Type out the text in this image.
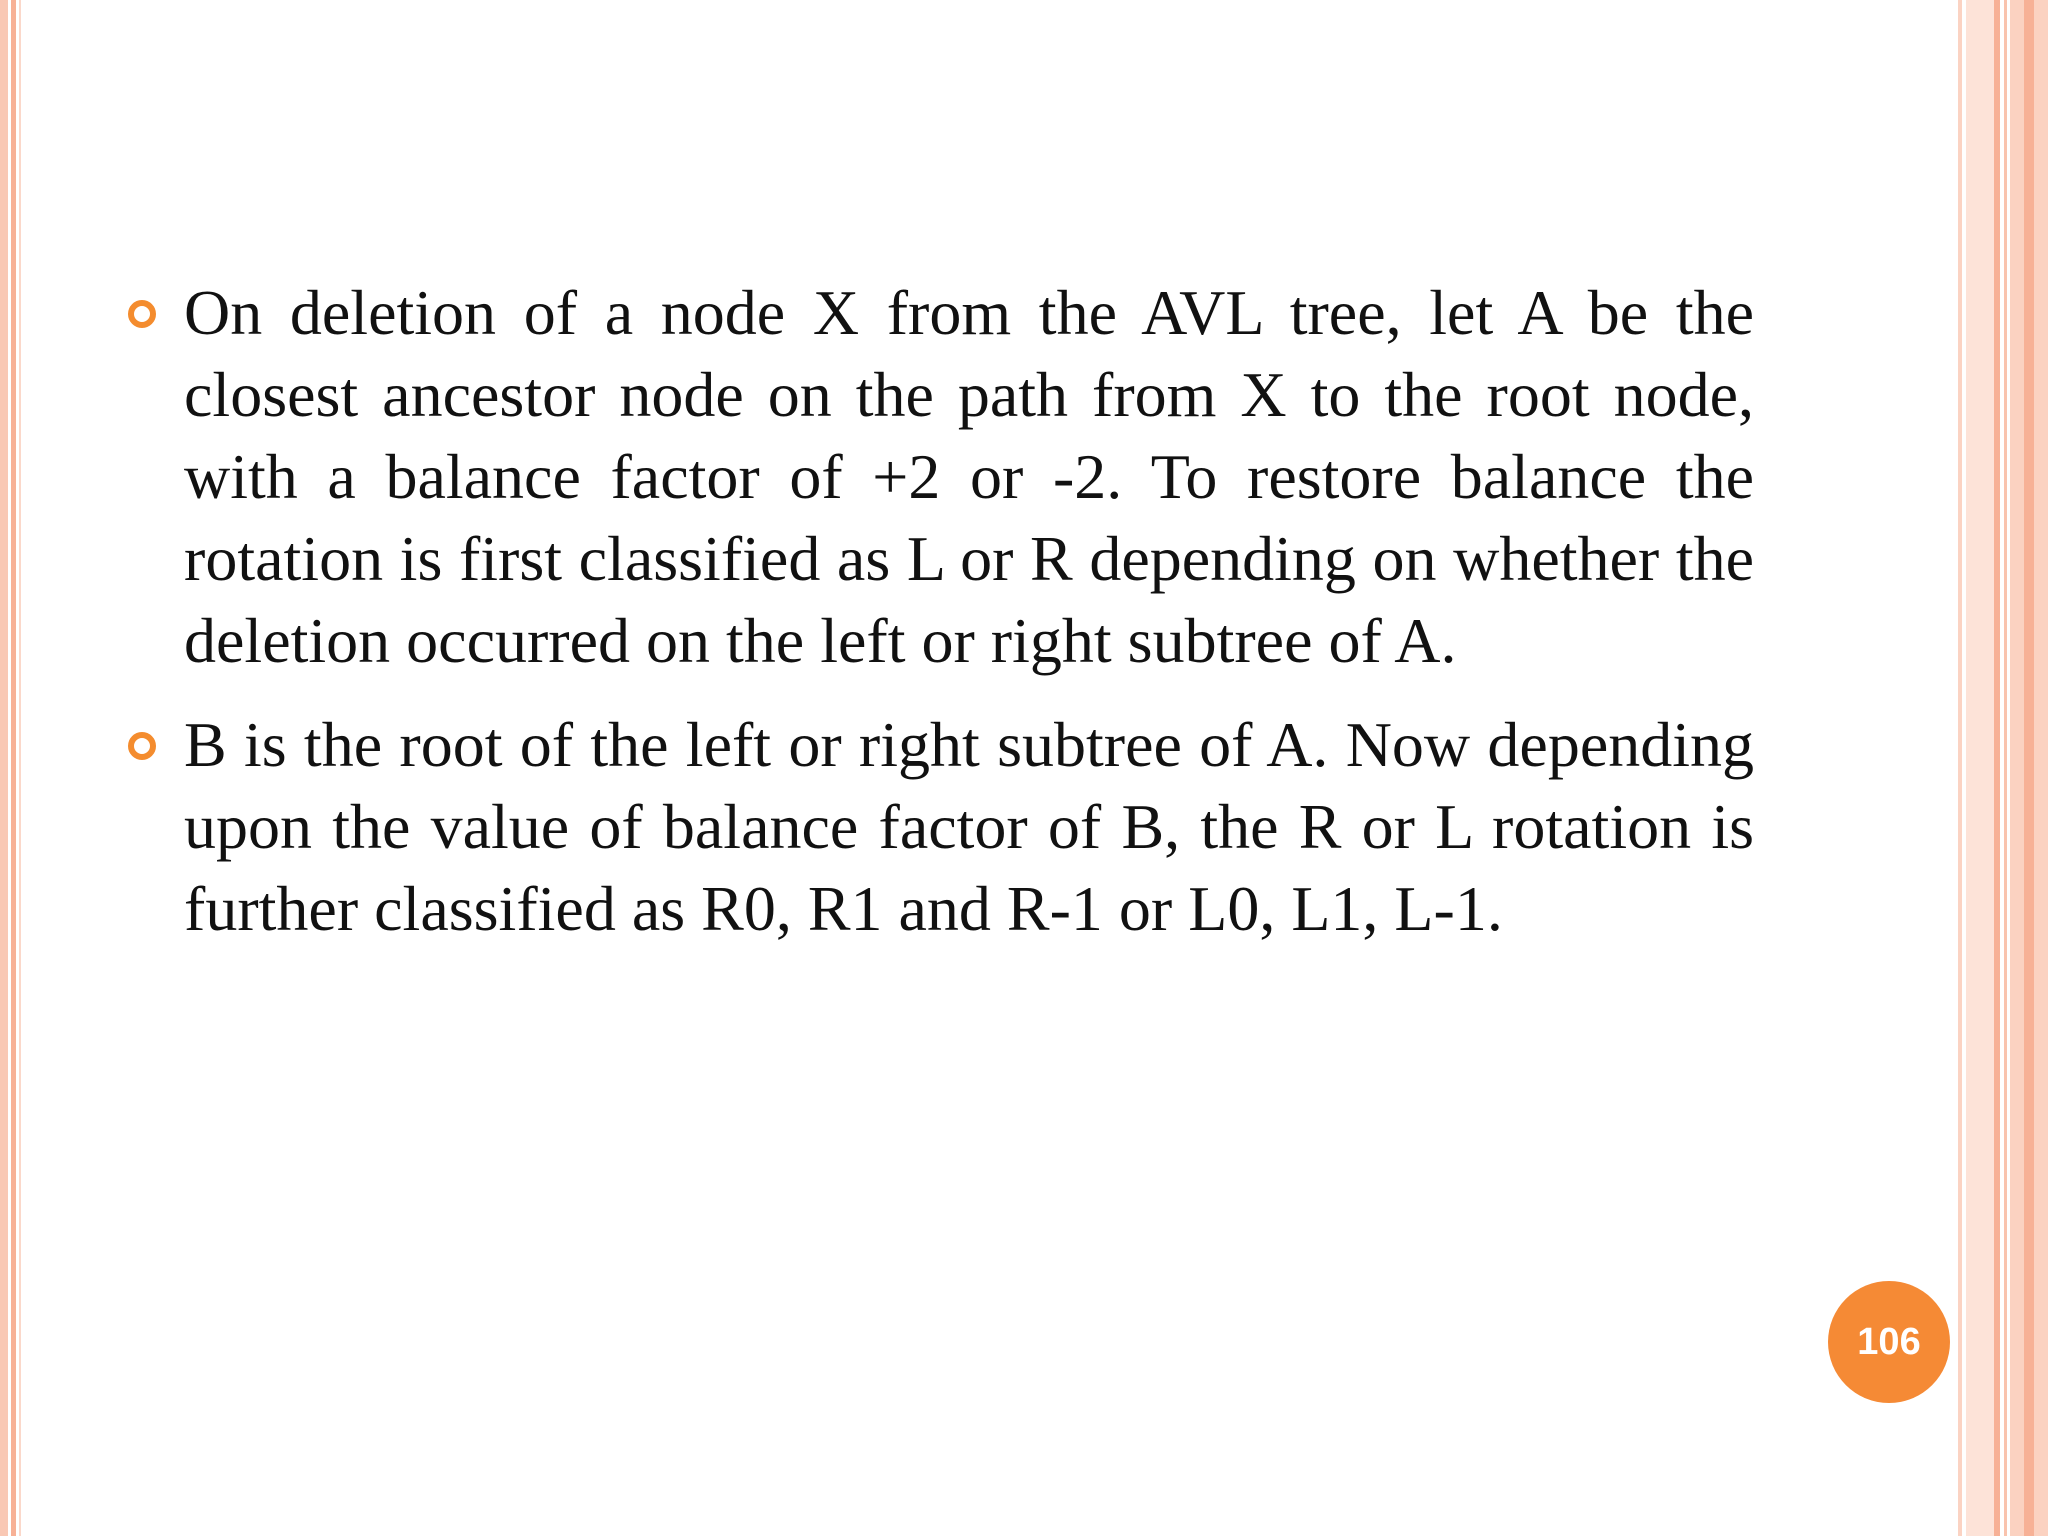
On deletion of a node X from the AVL tree, let A be the closest ancestor node on the path from X to the root node, with a balance factor of +2 or -2. To restore balance the rotation is first classified as L or R depending on whether the deletion occurred on the left or right subtree of A.
B is the root of the left or right subtree of A. Now depending upon the value of balance factor of B, the R or L rotation is further classified as R0, R1 and R-1 or L0, L1, L-1.
106
